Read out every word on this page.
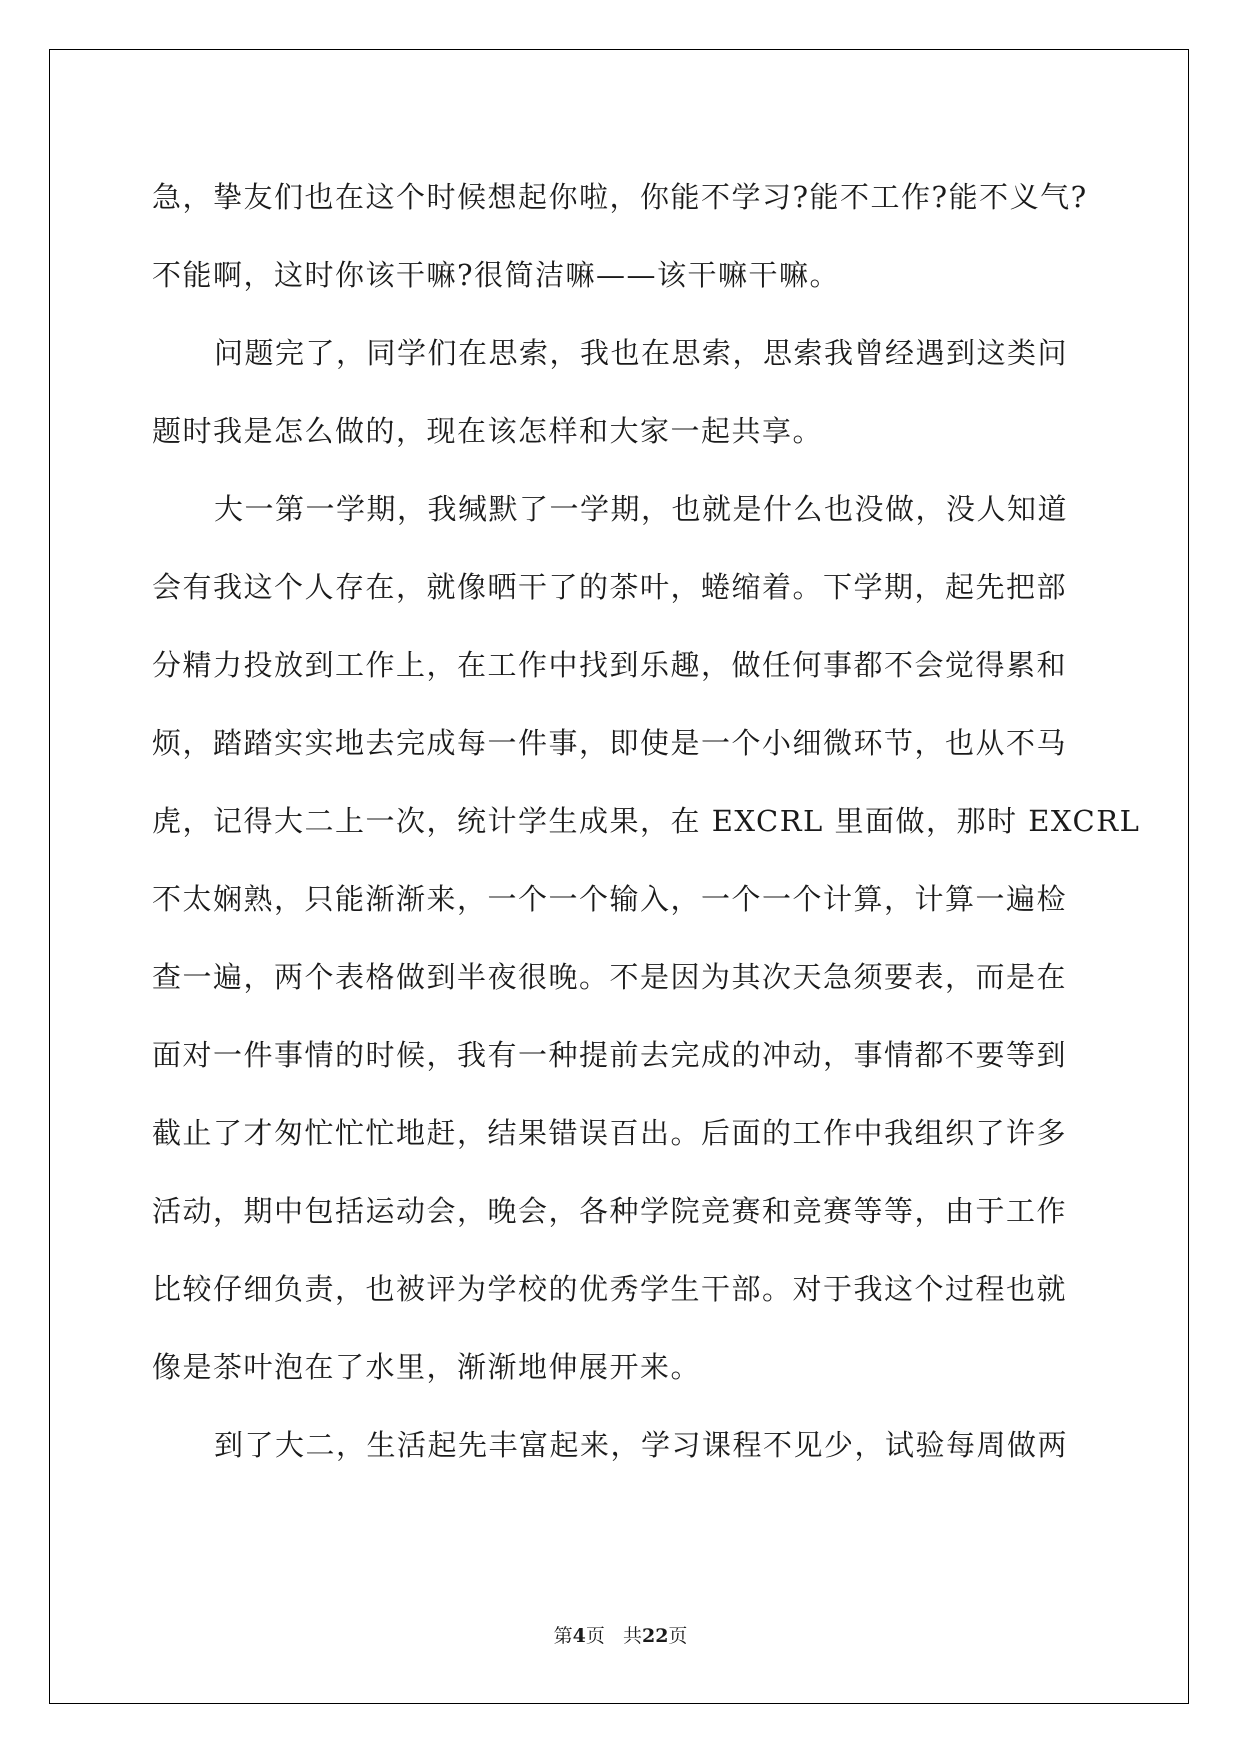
急，挚友们也在这个时候想起你啦，你能不学习?能不工作?能不义气?
不能啊，这时你该干嘛?很简洁嘛——该干嘛干嘛。
问题完了，同学们在思索，我也在思索，思索我曾经遇到这类问
题时我是怎么做的，现在该怎样和大家一起共享。
大一第一学期，我缄默了一学期，也就是什么也没做，没人知道
会有我这个人存在，就像晒干了的茶叶，蜷缩着。下学期，起先把部
分精力投放到工作上，在工作中找到乐趣，做任何事都不会觉得累和
烦，踏踏实实地去完成每一件事，即使是一个小细微环节，也从不马
虎，记得大二上一次，统计学生成果，在 EXCRL 里面做，那时 EXCRL
不太娴熟，只能渐渐来，一个一个输入，一个一个计算，计算一遍检
查一遍，两个表格做到半夜很晚。不是因为其次天急须要表，而是在
面对一件事情的时候，我有一种提前去完成的冲动，事情都不要等到
截止了才匆忙忙忙地赶，结果错误百出。后面的工作中我组织了许多
活动，期中包括运动会，晚会，各种学院竞赛和竞赛等等，由于工作
比较仔细负责，也被评为学校的优秀学生干部。对于我这个过程也就
像是茶叶泡在了水里，渐渐地伸展开来。
到了大二，生活起先丰富起来，学习课程不见少，试验每周做两
第4页 共22页
